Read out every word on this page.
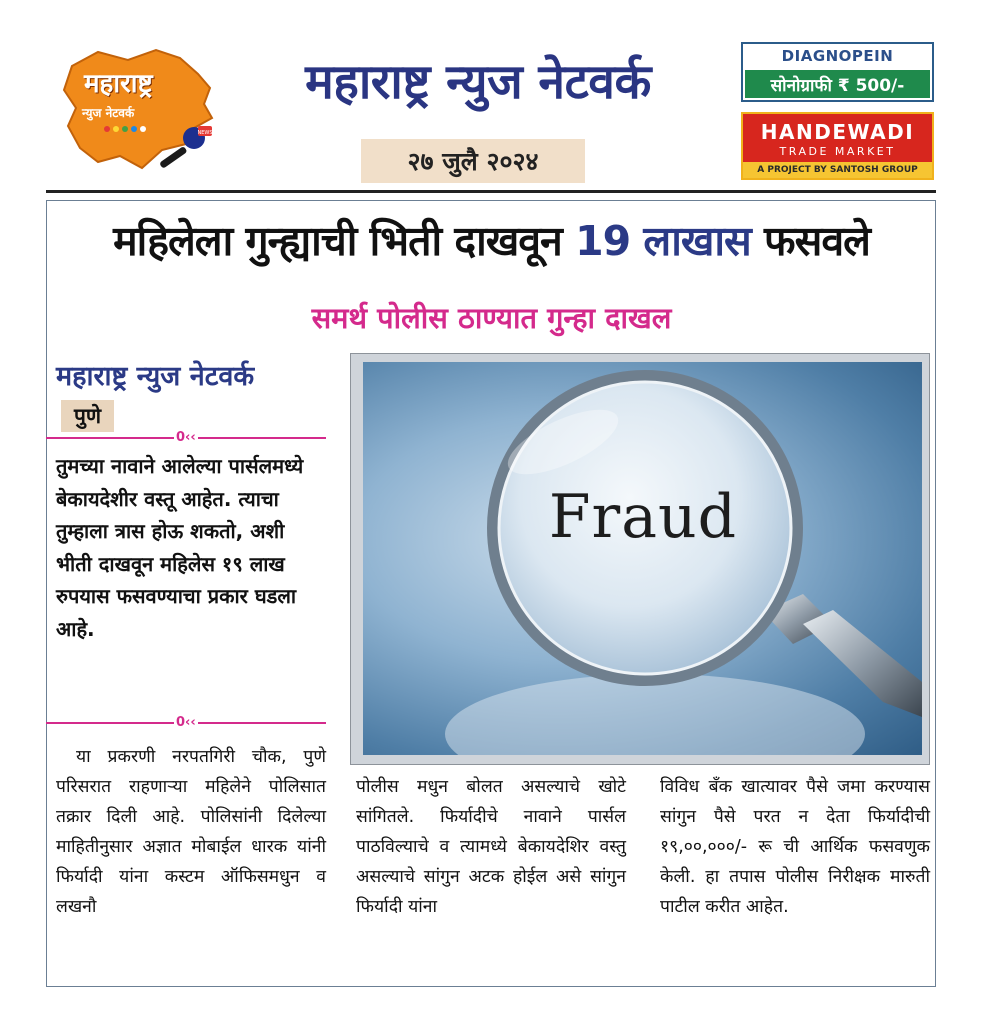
महाराष्ट्र
न्युज नेटवर्क
NEWS
महाराष्ट्र न्युज नेटवर्क
२७ जुलै २०२४
DIAGNOPEIN
सोनोग्राफी ₹ 500/-
HANDEWADI
TRADE MARKET
A PROJECT BY SANTOSH GROUP
महिलेला गुन्ह्याची भिती दाखवून 19 लाखास फसवले
समर्थ पोलीस ठाण्यात गुन्हा दाखल
महाराष्ट्र न्युज नेटवर्क
पुणे
0‹‹
तुमच्या नावाने आलेल्या पार्सलमध्ये बेकायदेशीर वस्तू आहेत. त्याचा तुम्हाला त्रास होऊ शकतो, अशी भीती दाखवून महिलेस १९ लाख रुपयास फसवण्याचा प्रकार घडला आहे.
0‹‹
Fraud
या प्रकरणी नरपतगिरी चौक, पुणे परिसरात राहणाऱ्या महिलेने पोलिसात तक्रार दिली आहे. पोलिसांनी दिलेल्या माहितीनुसार अज्ञात मोबाईल धारक यांनी फिर्यादी यांना कस्टम ऑफिसमधुन व लखनौ
पोलीस मधुन बोलत असल्याचे खोटे सांगितले. फिर्यादीचे नावाने पार्सल पाठविल्याचे व त्यामध्ये बेकायदेशिर वस्तु असल्याचे सांगुन अटक होईल असे सांगुन फिर्यादी यांना
विविध बँक खात्यावर पैसे जमा करण्यास सांगुन पैसे परत न देता फिर्यादीची १९,००,०००/- रू ची आर्थिक फसवणुक केली. हा तपास पोलीस निरीक्षक मारुती पाटील करीत आहेत.
